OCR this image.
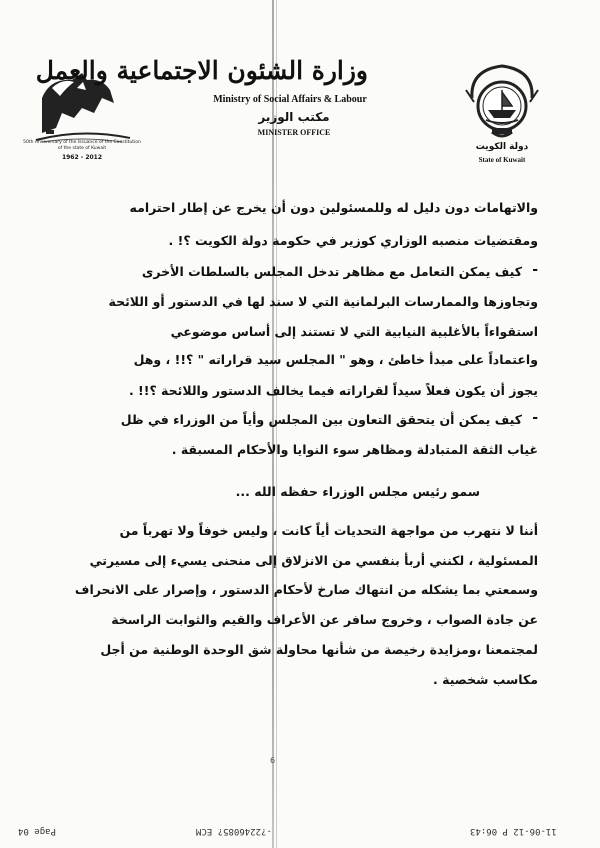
50th Anniversary of the Issuance of the Constitution of the state of Kuwait
1962 - 2012
وزارة الشئون الاجتماعية والعمل
Ministry of Social Affairs & Labour
مكتب الوزير
MINISTER OFFICE
دولة الكويت
State of Kuwait
والاتهامات دون دليل له وللمسئولين دون أن يخرج عن إطار احترامه
ومقتضيات منصبه الوزاري كوزير في حكومة دولة الكويت ؟! .
-
كيف يمكن التعامل مع مظاهر تدخل المجلس بالسلطات الأخرى
وتجاوزها والممارسات البرلمانية التي لا سند لها في الدستور أو اللائحة
استقواءاً بالأغلبية النيابية التي لا تستند إلى أساس موضوعي
واعتماداً على مبدأ خاطئ ، وهو " المجلس سيد قراراته " ؟!! ، وهل
يجوز أن يكون فعلاً سيداً لقراراته فيما يخالف الدستور واللائحة ؟!! .
-
كيف يمكن أن يتحقق التعاون بين المجلس وأياً من الوزراء في ظل
غياب الثقة المتبادلة ومظاهر سوء النوايا والأحكام المسبقة .
سمو رئيس مجلس الوزراء حفظه الله ...
أننا لا نتهرب من مواجهة التحديات أياً كانت ، وليس خوفاً ولا تهرباً من
المسئولية ، لكنني أربأ بنفسي من الانزلاق إلى منحنى يسيء إلى مسيرتي
وسمعتي بما يشكله من انتهاك صارخ لأحكام الدستور ، وإصرار على الانحراف
عن جادة الصواب ، وخروج سافر عن الأعراف والقيم والثوابت الراسخة
لمجتمعنا ،ومزايدة رخيصة من شأنها محاولة شق الوحدة الوطنية من أجل
مكاسب شخصية .
6
Page 04	-?2246085? ECM	11-06-12 P 06:43
